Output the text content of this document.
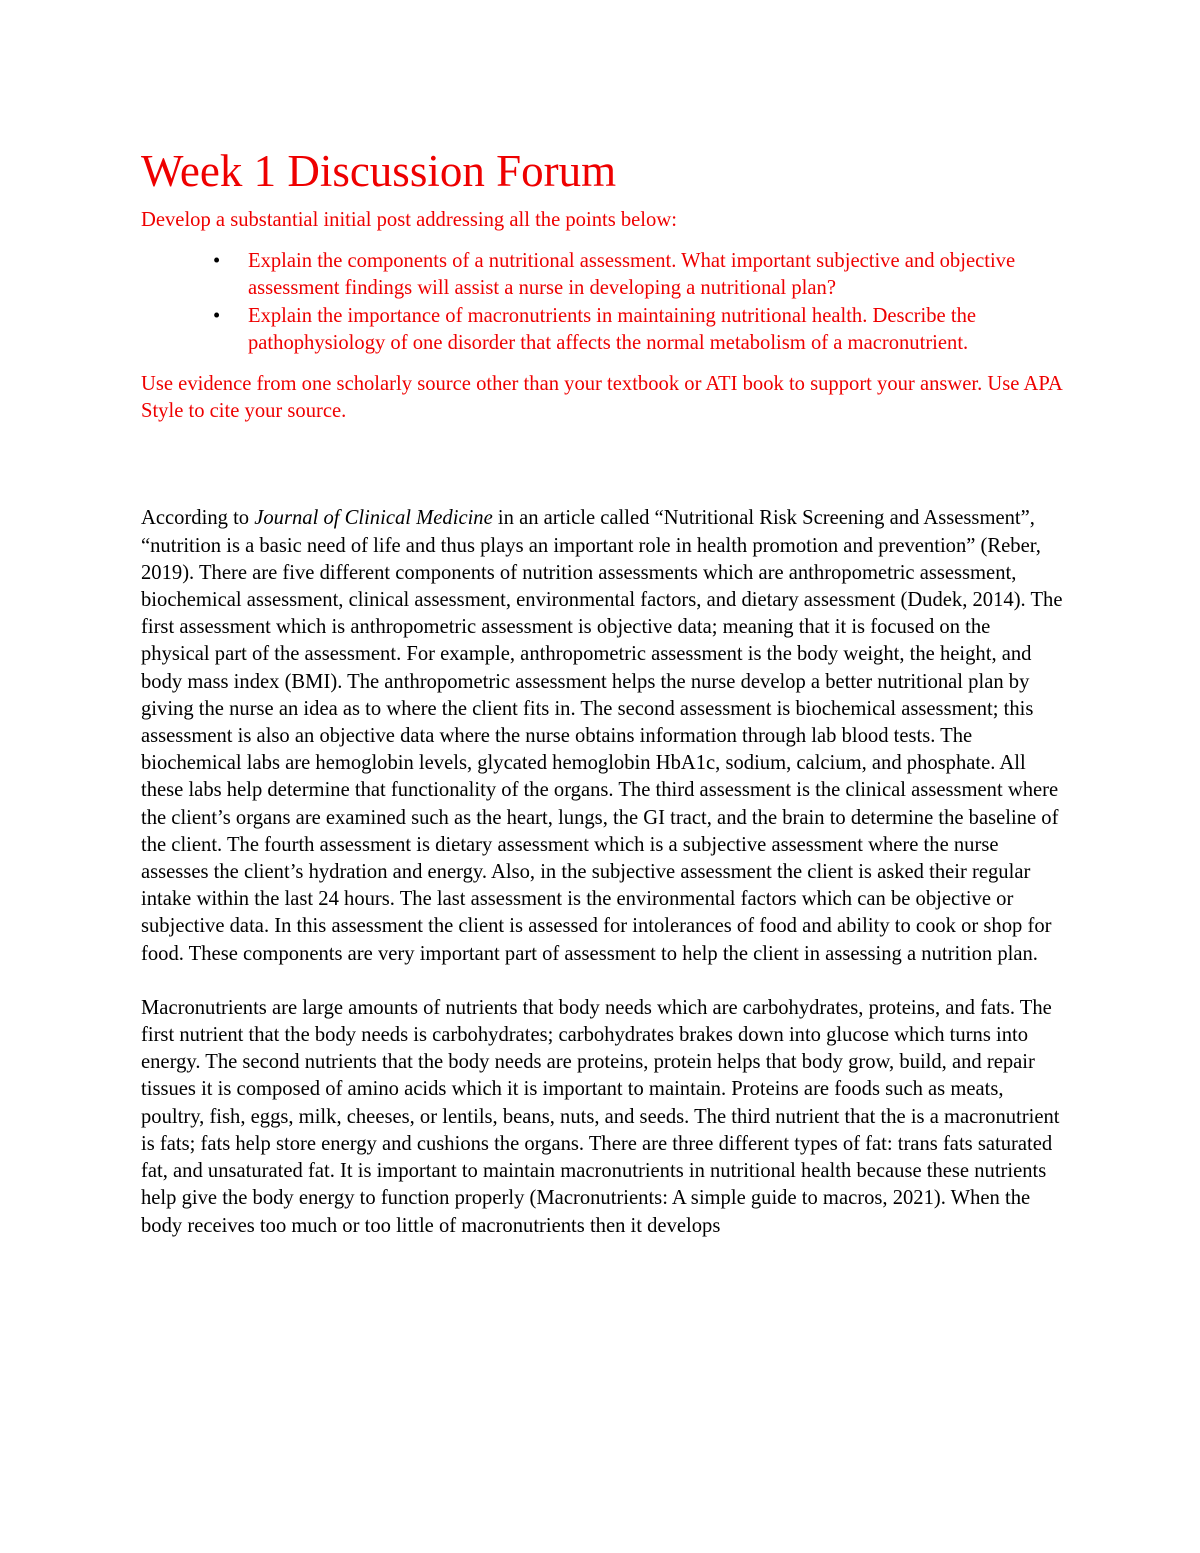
Week 1 Discussion Forum

Develop a substantial initial post addressing all the points below:

• Explain the components of a nutritional assessment. What important subjective and objective assessment findings will assist a nurse in developing a nutritional plan?
• Explain the importance of macronutrients in maintaining nutritional health. Describe the pathophysiology of one disorder that affects the normal metabolism of a macronutrient.

Use evidence from one scholarly source other than your textbook or ATI book to support your answer. Use APA Style to cite your source.

According to Journal of Clinical Medicine in an article called “Nutritional Risk Screening and Assessment”, “nutrition is a basic need of life and thus plays an important role in health promotion and prevention” (Reber, 2019). There are five different components of nutrition assessments which are anthropometric assessment, biochemical assessment, clinical assessment, environmental factors, and dietary assessment (Dudek, 2014). The first assessment which is anthropometric assessment is objective data; meaning that it is focused on the physical part of the assessment. For example, anthropometric assessment is the body weight, the height, and body mass index (BMI). The anthropometric assessment helps the nurse develop a better nutritional plan by giving the nurse an idea as to where the client fits in. The second assessment is biochemical assessment; this assessment is also an objective data where the nurse obtains information through lab blood tests. The biochemical labs are hemoglobin levels, glycated hemoglobin HbA1c, sodium, calcium, and phosphate. All these labs help determine that functionality of the organs. The third assessment is the clinical assessment where the client’s organs are examined such as the heart, lungs, the GI tract, and the brain to determine the baseline of the client. The fourth assessment is dietary assessment which is a subjective assessment where the nurse assesses the client’s hydration and energy. Also, in the subjective assessment the client is asked their regular intake within the last 24 hours. The last assessment is the environmental factors which can be objective or subjective data. In this assessment the client is assessed for intolerances of food and ability to cook or shop for food. These components are very important part of assessment to help the client in assessing a nutrition plan.

Macronutrients are large amounts of nutrients that body needs which are carbohydrates, proteins, and fats. The first nutrient that the body needs is carbohydrates; carbohydrates brakes down into glucose which turns into energy. The second nutrients that the body needs are proteins, protein helps that body grow, build, and repair tissues it is composed of amino acids which it is important to maintain. Proteins are foods such as meats, poultry, fish, eggs, milk, cheeses, or lentils, beans, nuts, and seeds. The third nutrient that the is a macronutrient is fats; fats help store energy and cushions the organs. There are three different types of fat: trans fats saturated fat, and unsaturated fat. It is important to maintain macronutrients in nutritional health because these nutrients help give the body energy to function properly (Macronutrients: A simple guide to macros, 2021). When the body receives too much or too little of macronutrients then it develops
